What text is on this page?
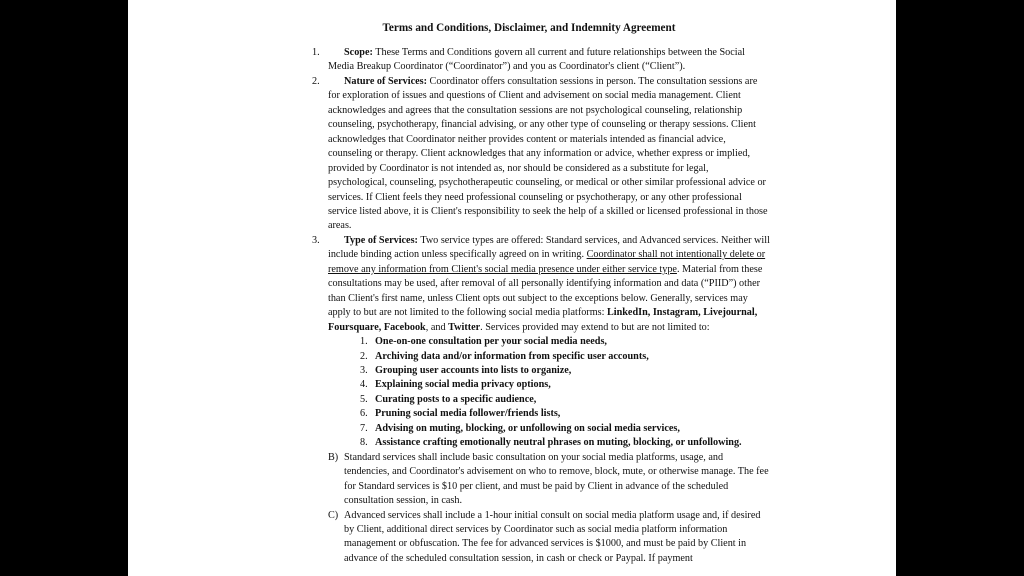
Terms and Conditions, Disclaimer, and Indemnity Agreement

1. Scope: These Terms and Conditions govern all current and future relationships between the Social Media Breakup Coordinator (“Coordinator”) and you as Coordinator's client (“Client”).

2. Nature of Services: Coordinator offers consultation sessions in person. The consultation sessions are for exploration of issues and questions of Client and advisement on social media management. Client acknowledges and agrees that the consultation sessions are not psychological counseling, relationship counseling, psychotherapy, financial advising, or any other type of counseling or therapy sessions. Client acknowledges that Coordinator neither provides content or materials intended as financial advice, counseling or therapy. Client acknowledges that any information or advice, whether express or implied, provided by Coordinator is not intended as, nor should be considered as a substitute for legal, psychological, counseling, psychotherapeutic counseling, or medical or other similar professional advice or services. If Client feels they need professional counseling or psychotherapy, or any other professional service listed above, it is Client's responsibility to seek the help of a skilled or licensed professional in those areas.

3. Type of Services: Two service types are offered: Standard services, and Advanced services. Neither will include binding action unless specifically agreed on in writing. Coordinator shall not intentionally delete or remove any information from Client's social media presence under either service type. Material from these consultations may be used, after removal of all personally identifying information and data (“PIID”) other than Client's first name, unless Client opts out subject to the exceptions below. Generally, services may apply to but are not limited to the following social media platforms: LinkedIn, Instagram, Livejournal, Foursquare, Facebook, and Twitter. Services provided may extend to but are not limited to:
1. One-on-one consultation per your social media needs,
2. Archiving data and/or information from specific user accounts,
3. Grouping user accounts into lists to organize,
4. Explaining social media privacy options,
5. Curating posts to a specific audience,
6. Pruning social media follower/friends lists,
7. Advising on muting, blocking, or unfollowing on social media services,
8. Assistance crafting emotionally neutral phrases on muting, blocking, or unfollowing.
B) Standard services shall include basic consultation on your social media platforms, usage, and tendencies, and Coordinator's advisement on who to remove, block, mute, or otherwise manage. The fee for Standard services is $10 per client, and must be paid by Client in advance of the scheduled consultation session, in cash.
C) Advanced services shall include a 1-hour initial consult on social media platform usage and, if desired by Client, additional direct services by Coordinator such as social media platform information management or obfuscation. The fee for advanced services is $1000, and must be paid by Client in advance of the scheduled consultation session, in cash or check or Paypal. If payment
